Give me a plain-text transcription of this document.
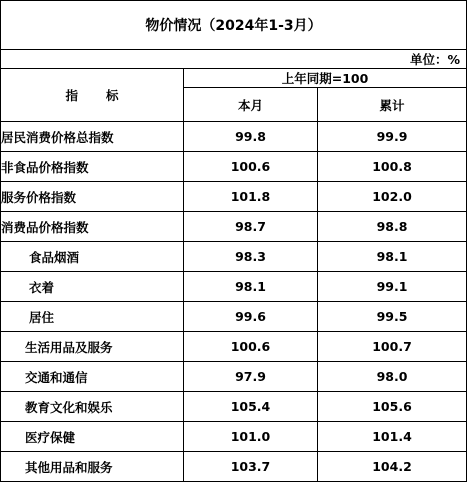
物价情况（2024年1-3月）		
单位：%		
指 标	上年同期=100	
	本月	累计
居民消费价格总指数	99.8	99.9
非食品价格指数	100.6	100.8
服务价格指数	101.8	102.0
消费品价格指数	98.7	98.8
食品烟酒	98.3	98.1
衣着	98.1	99.1
居住	99.6	99.5
生活用品及服务	100.6	100.7
交通和通信	97.9	98.0
教育文化和娱乐	105.4	105.6
医疗保健	101.0	101.4
其他用品和服务	103.7	104.2
